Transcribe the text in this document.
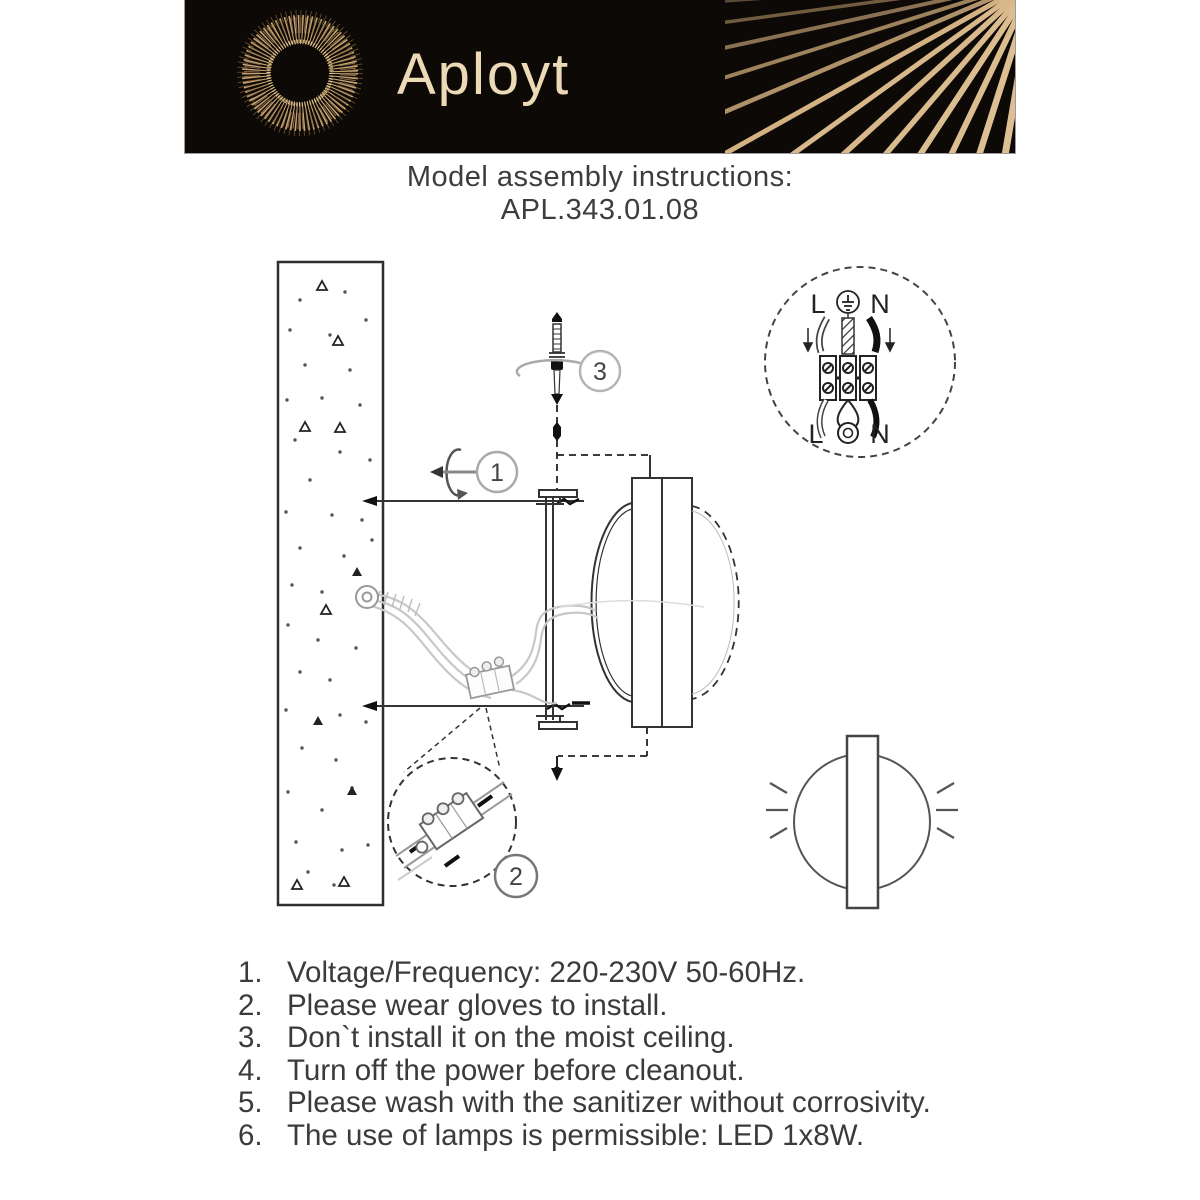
Aployt
Model assembly instructions:
APL.343.01.08
1
3
2
L N
L N
1. Voltage/Frequency: 220-230V 50-60Hz.
2. Please wear gloves to install.
3. Don`t install it on the moist ceiling.
4. Turn off the power before cleanout.
5. Please wash with the sanitizer without corrosivity.
6. The use of lamps is permissible: LED 1x8W.
